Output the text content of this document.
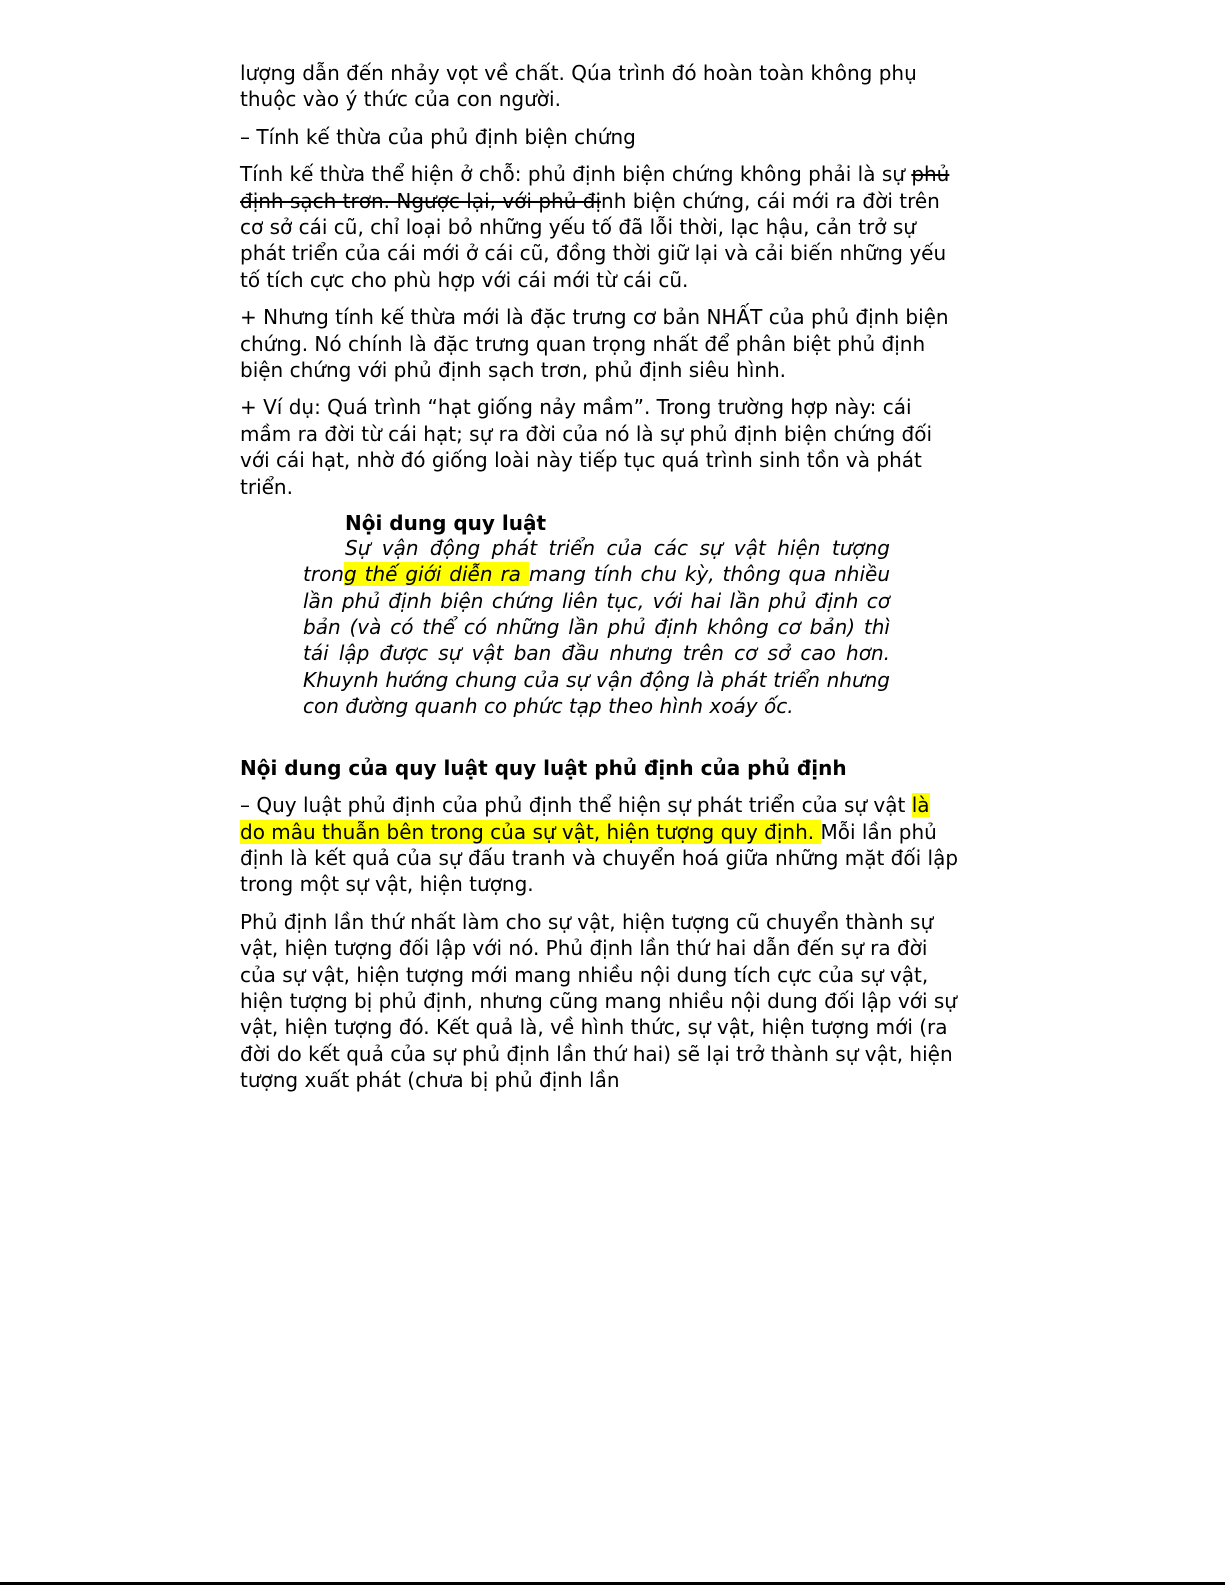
lượng dẫn đến nhảy vọt về chất. Qúa trình đó hoàn toàn không phụ thuộc vào ý thức của con người.

– Tính kế thừa của phủ định biện chứng

Tính kế thừa thể hiện ở chỗ: phủ định biện chứng không phải là sự phủ định sạch trơn. Ngược lại, với phủ định biện chứng, cái mới ra đời trên cơ sở cái cũ, chỉ loại bỏ những yếu tố đã lỗi thời, lạc hậu, cản trở sự phát triển của cái mới ở cái cũ, đồng thời giữ lại và cải biến những yếu tố tích cực cho phù hợp với cái mới từ cái cũ.

+ Nhưng tính kế thừa mới là đặc trưng cơ bản NHẤT của phủ định biện chứng. Nó chính là đặc trưng quan trọng nhất để phân biệt phủ định biện chứng với phủ định sạch trơn, phủ định siêu hình.

+ Ví dụ: Quá trình “hạt giống nảy mầm”. Trong trường hợp này: cái mầm ra đời từ cái hạt; sự ra đời của nó là sự phủ định biện chứng đối với cái hạt, nhờ đó giống loài này tiếp tục quá trình sinh tồn và phát triển.

Nội dung quy luật

Sự vận động phát triển của các sự vật hiện tượng trong thế giới diễn ra mang tính chu kỳ, thông qua nhiều lần phủ định biện chứng liên tục, với hai lần phủ định cơ bản (và có thể có những lần phủ định không cơ bản) thì tái lập được sự vật ban đầu nhưng trên cơ sở cao hơn. Khuynh hướng chung của sự vận động là phát triển nhưng con đường quanh co phức tạp theo hình xoáy ốc.

Nội dung của quy luật quy luật phủ định của phủ định

– Quy luật phủ định của phủ định thể hiện sự phát triển của sự vật là do mâu thuẫn bên trong của sự vật, hiện tượng quy định. Mỗi lần phủ định là kết quả của sự đấu tranh và chuyển hoá giữa những mặt đối lập trong một sự vật, hiện tượng.

Phủ định lần thứ nhất làm cho sự vật, hiện tượng cũ chuyển thành sự vật, hiện tượng đối lập với nó. Phủ định lần thứ hai dẫn đến sự ra đời của sự vật, hiện tượng mới mang nhiều nội dung tích cực của sự vật, hiện tượng bị phủ định, nhưng cũng mang nhiều nội dung đối lập với sự vật, hiện tượng đó. Kết quả là, về hình thức, sự vật, hiện tượng mới (ra đời do kết quả của sự phủ định lần thứ hai) sẽ lại trở thành sự vật, hiện tượng xuất phát (chưa bị phủ định lần
